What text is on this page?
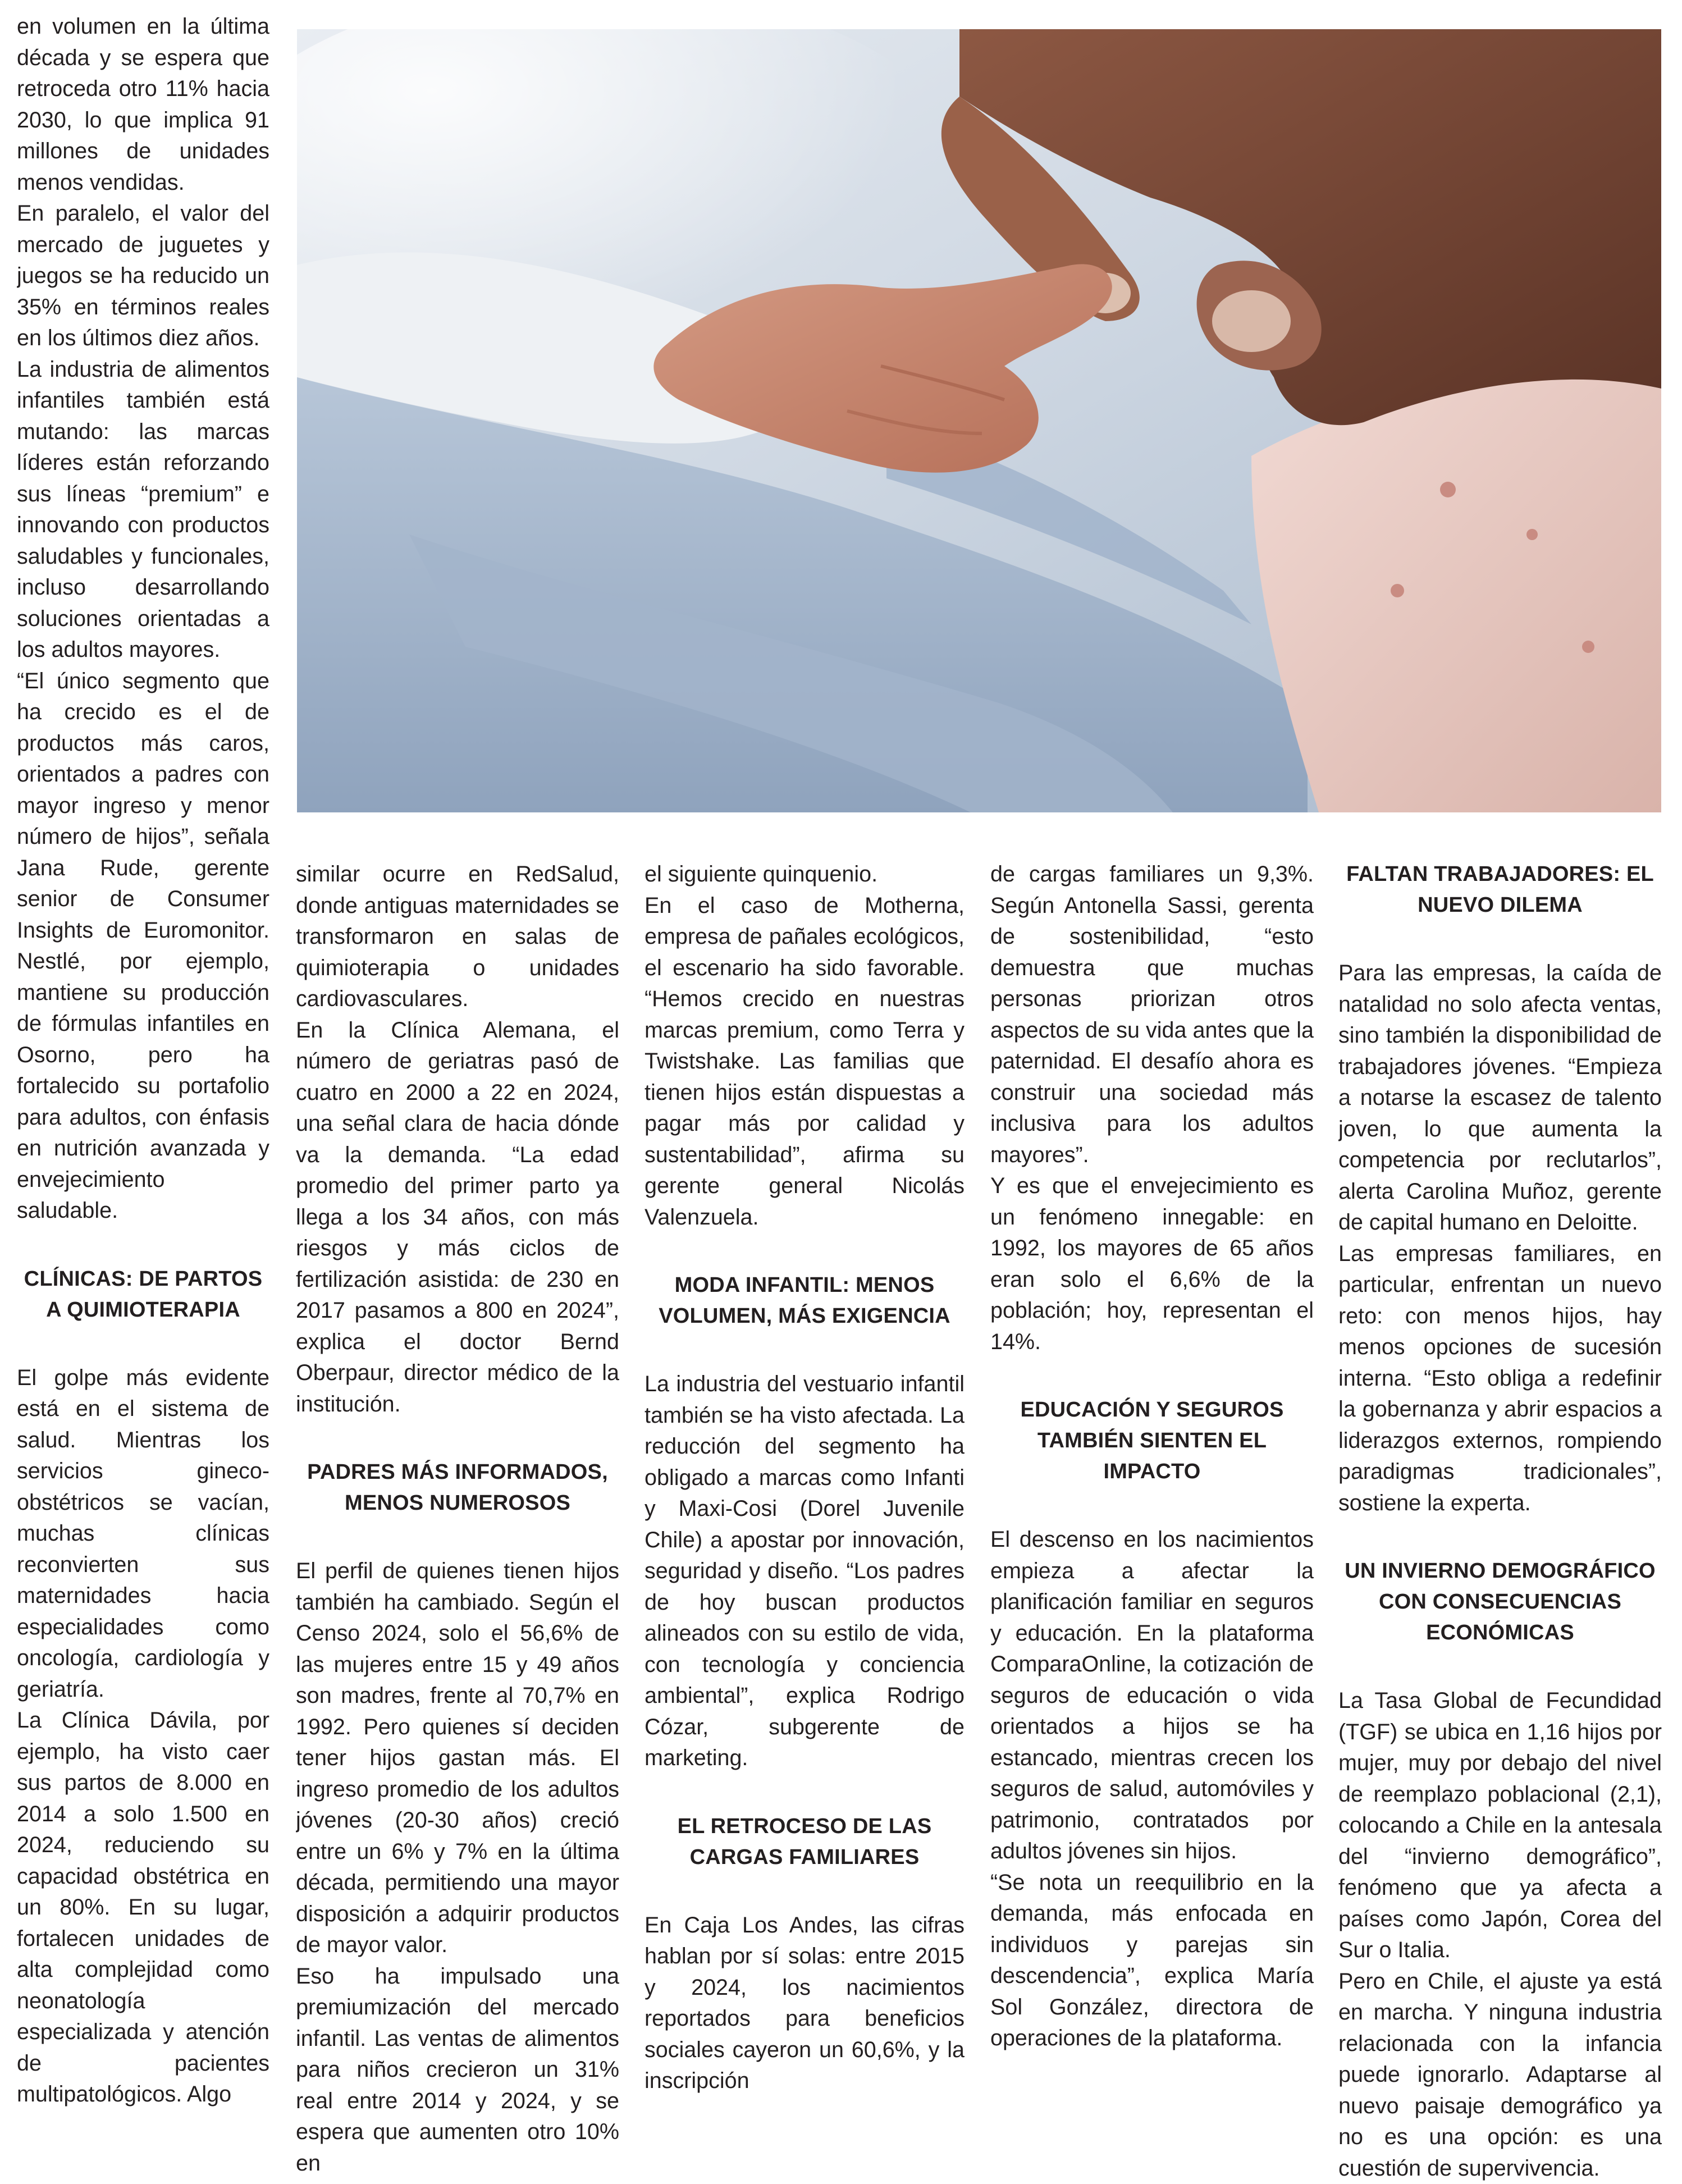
en volumen en la última década y se espera que retroceda otro 11% hacia 2030, lo que implica 91 millones de unidades menos vendidas.

En paralelo, el valor del mercado de juguetes y juegos se ha reducido un 35% en términos reales en los últimos diez años.

La industria de alimentos infantiles también está mutando: las marcas líderes están reforzando sus líneas “premium” e innovando con productos saludables y funcionales, incluso desarrollando soluciones orientadas a los adultos mayores.

“El único segmento que ha crecido es el de productos más caros, orientados a padres con mayor ingreso y menor número de hijos”, señala Jana Rude, gerente senior de Consumer Insights de Euromonitor. Nestlé, por ejemplo, mantiene su producción de fórmulas infantiles en Osorno, pero ha fortalecido su portafolio para adultos, con énfasis en nutrición avanzada y envejecimiento saludable.

CLÍNICAS: DE PARTOS A QUIMIOTERAPIA

El golpe más evidente está en el sistema de salud. Mientras los servicios gineco-obstétricos se vacían, muchas clínicas reconvierten sus maternidades hacia especialidades como oncología, cardiología y geriatría.

La Clínica Dávila, por ejemplo, ha visto caer sus partos de 8.000 en 2014 a solo 1.500 en 2024, reduciendo su capacidad obstétrica en un 80%. En su lugar, fortalecen unidades de alta complejidad como neonatología especializada y atención de pacientes multipatológicos. Algo

similar ocurre en RedSalud, donde antiguas maternidades se transformaron en salas de quimioterapia o unidades cardiovasculares.

En la Clínica Alemana, el número de geriatras pasó de cuatro en 2000 a 22 en 2024, una señal clara de hacia dónde va la demanda. “La edad promedio del primer parto ya llega a los 34 años, con más riesgos y más ciclos de fertilización asistida: de 230 en 2017 pasamos a 800 en 2024”, explica el doctor Bernd Oberpaur, director médico de la institución.

PADRES MÁS INFORMADOS, MENOS NUMEROSOS

El perfil de quienes tienen hijos también ha cambiado. Según el Censo 2024, solo el 56,6% de las mujeres entre 15 y 49 años son madres, frente al 70,7% en 1992. Pero quienes sí deciden tener hijos gastan más. El ingreso promedio de los adultos jóvenes (20-30 años) creció entre un 6% y 7% en la última década, permitiendo una mayor disposición a adquirir productos de mayor valor.

Eso ha impulsado una premiumización del mercado infantil. Las ventas de alimentos para niños crecieron un 31% real entre 2014 y 2024, y se espera que aumenten otro 10% en

el siguiente quinquenio.

En el caso de Motherna, empresa de pañales ecológicos, el escenario ha sido favorable. “Hemos crecido en nuestras marcas premium, como Terra y Twistshake. Las familias que tienen hijos están dispuestas a pagar más por calidad y sustentabilidad”, afirma su gerente general Nicolás Valenzuela.

MODA INFANTIL: MENOS VOLUMEN, MÁS EXIGENCIA

La industria del vestuario infantil también se ha visto afectada. La reducción del segmento ha obligado a marcas como Infanti y Maxi-Cosi (Dorel Juvenile Chile) a apostar por innovación, seguridad y diseño. “Los padres de hoy buscan productos alineados con su estilo de vida, con tecnología y conciencia ambiental”, explica Rodrigo Cózar, subgerente de marketing.

EL RETROCESO DE LAS CARGAS FAMILIARES

En Caja Los Andes, las cifras hablan por sí solas: entre 2015 y 2024, los nacimientos reportados para beneficios sociales cayeron un 60,6%, y la inscripción

de cargas familiares un 9,3%. Según Antonella Sassi, gerenta de sostenibilidad, “esto demuestra que muchas personas priorizan otros aspectos de su vida antes que la paternidad. El desafío ahora es construir una sociedad más inclusiva para los adultos mayores”.

Y es que el envejecimiento es un fenómeno innegable: en 1992, los mayores de 65 años eran solo el 6,6% de la población; hoy, representan el 14%.

EDUCACIÓN Y SEGUROS TAMBIÉN SIENTEN EL IMPACTO

El descenso en los nacimientos empieza a afectar la planificación familiar en seguros y educación. En la plataforma ComparaOnline, la cotización de seguros de educación o vida orientados a hijos se ha estancado, mientras crecen los seguros de salud, automóviles y patrimonio, contratados por adultos jóvenes sin hijos.

“Se nota un reequilibrio en la demanda, más enfocada en individuos y parejas sin descendencia”, explica María Sol González, directora de operaciones de la plataforma.

FALTAN TRABAJADORES: EL NUEVO DILEMA

Para las empresas, la caída de natalidad no solo afecta ventas, sino también la disponibilidad de trabajadores jóvenes. “Empieza a notarse la escasez de talento joven, lo que aumenta la competencia por reclutarlos”, alerta Carolina Muñoz, gerente de capital humano en Deloitte.

Las empresas familiares, en particular, enfrentan un nuevo reto: con menos hijos, hay menos opciones de sucesión interna. “Esto obliga a redefinir la gobernanza y abrir espacios a liderazgos externos, rompiendo paradigmas tradicionales”, sostiene la experta.

UN INVIERNO DEMOGRÁFICO CON CONSECUENCIAS ECONÓMICAS

La Tasa Global de Fecundidad (TGF) se ubica en 1,16 hijos por mujer, muy por debajo del nivel de reemplazo poblacional (2,1), colocando a Chile en la antesala del “invierno demográfico”, fenómeno que ya afecta a países como Japón, Corea del Sur o Italia.

Pero en Chile, el ajuste ya está en marcha. Y ninguna industria relacionada con la infancia puede ignorarlo. Adaptarse al nuevo paisaje demográfico ya no es una opción: es una cuestión de supervivencia.
